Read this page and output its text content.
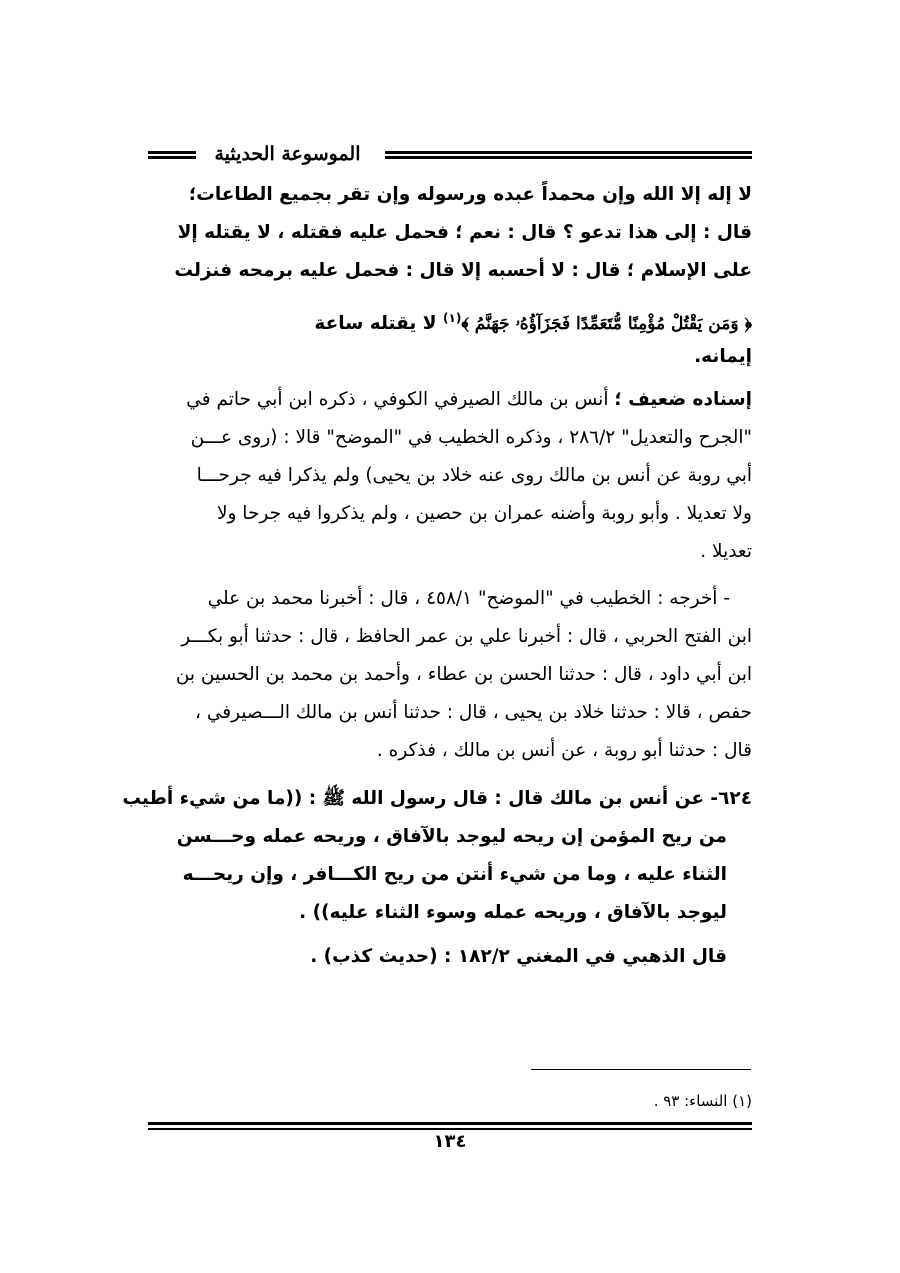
الموسوعة الحديثية
لا إله إلا الله وإن محمداً عبده ورسوله وإن تقر بجميع الطاعات؛
قال : إلى هذا تدعو ؟ قال : نعم ؛ فحمل عليه فقتله ، لا يقتله إلا
على الإسلام ؛ قال : لا أحسبه إلا قال : فحمل عليه برمحه فنزلت
﴿ وَمَن يَقْتُلْ مُؤْمِنًا مُّتَعَمِّدًا فَجَزَآؤُهُۥ جَهَنَّمُ ﴾$^{(١)}$ لا يقتله ساعة
إيمانه.
إسناده ضعيف ؛ أنس بن مالك الصيرفي الكوفي ، ذكره ابن أبي حاتم في
"الجرح والتعديل" ٢٨٦/٢ ، وذكره الخطيب في "الموضح" قالا : (روى عـــن
أبي روبة عن أنس بن مالك روى عنه خلاد بن يحيى) ولم يذكرا فيه جرحـــا
ولا تعديلا . وأبو روبة وأضنه عمران بن حصين ، ولم يذكروا فيه جرحا ولا
تعديلا .
- أخرجه : الخطيب في "الموضح" ٤٥٨/١ ، قال : أخبرنا محمد بن علي
ابن الفتح الحربي ، قال : أخبرنا علي بن عمر الحافظ ، قال : حدثنا أبو بكـــر
ابن أبي داود ، قال : حدثنا الحسن بن عطاء ، وأحمد بن محمد بن الحسين بن
حفص ، قالا : حدثنا خلاد بن يحيى ، قال : حدثنا أنس بن مالك الـــصيرفي ،
قال : حدثنا أبو روبة ، عن أنس بن مالك ، فذكره .
٦٢٤- عن أنس بن مالك قال : قال رسول الله ﷺ : ((ما من شيء أطيب
من ريح المؤمن إن ريحه ليوجد بالآفاق ، وريحه عمله وحـــسن
الثناء عليه ، وما من شيء أنتن من ريح الكـــافر ، وإن ريحـــه
ليوجد بالآفاق ، وريحه عمله وسوء الثناء عليه)) .
قال الذهبي في المغني ١٨٢/٢ : (حديث كذب) .
(١) النساء: ٩٣ .
١٣٤
